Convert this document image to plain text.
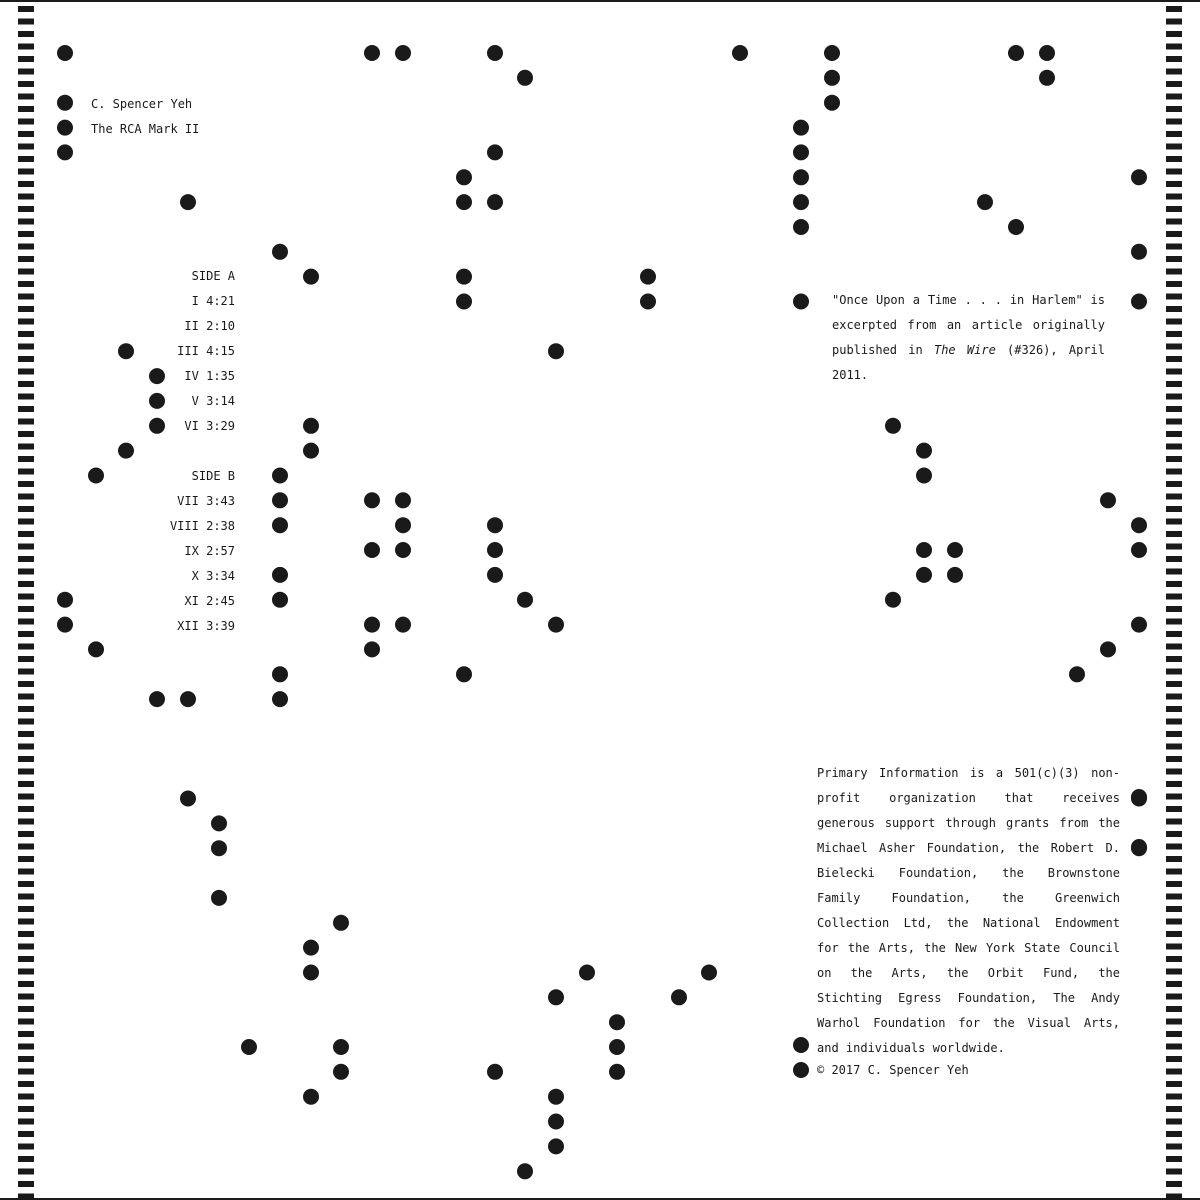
C. Spencer Yeh
The RCA Mark II
SIDE A
I 4:21
II 2:10
III 4:15
IV 1:35
V 3:14
VI 3:29
SIDE B
VII 3:43
VIII 2:38
IX 2:57
X 3:34
XI 2:45
XII 3:39
"Once Upon a Time . . . in Harlem" is excerpted from an article originally published in The Wire (#326), April 2011.
Primary Information is a 501(c)(3) non-profit organization that receives generous support through grants from the Michael Asher Foundation, the Robert D. Bielecki Foundation, the Brownstone Family Foundation, the Greenwich Collection Ltd, the National Endowment for the Arts, the New York State Council on the Arts, the Orbit Fund, the Stichting Egress Foundation, The Andy Warhol Foundation for the Visual Arts, and individuals worldwide.
© 2017 C. Spencer Yeh
